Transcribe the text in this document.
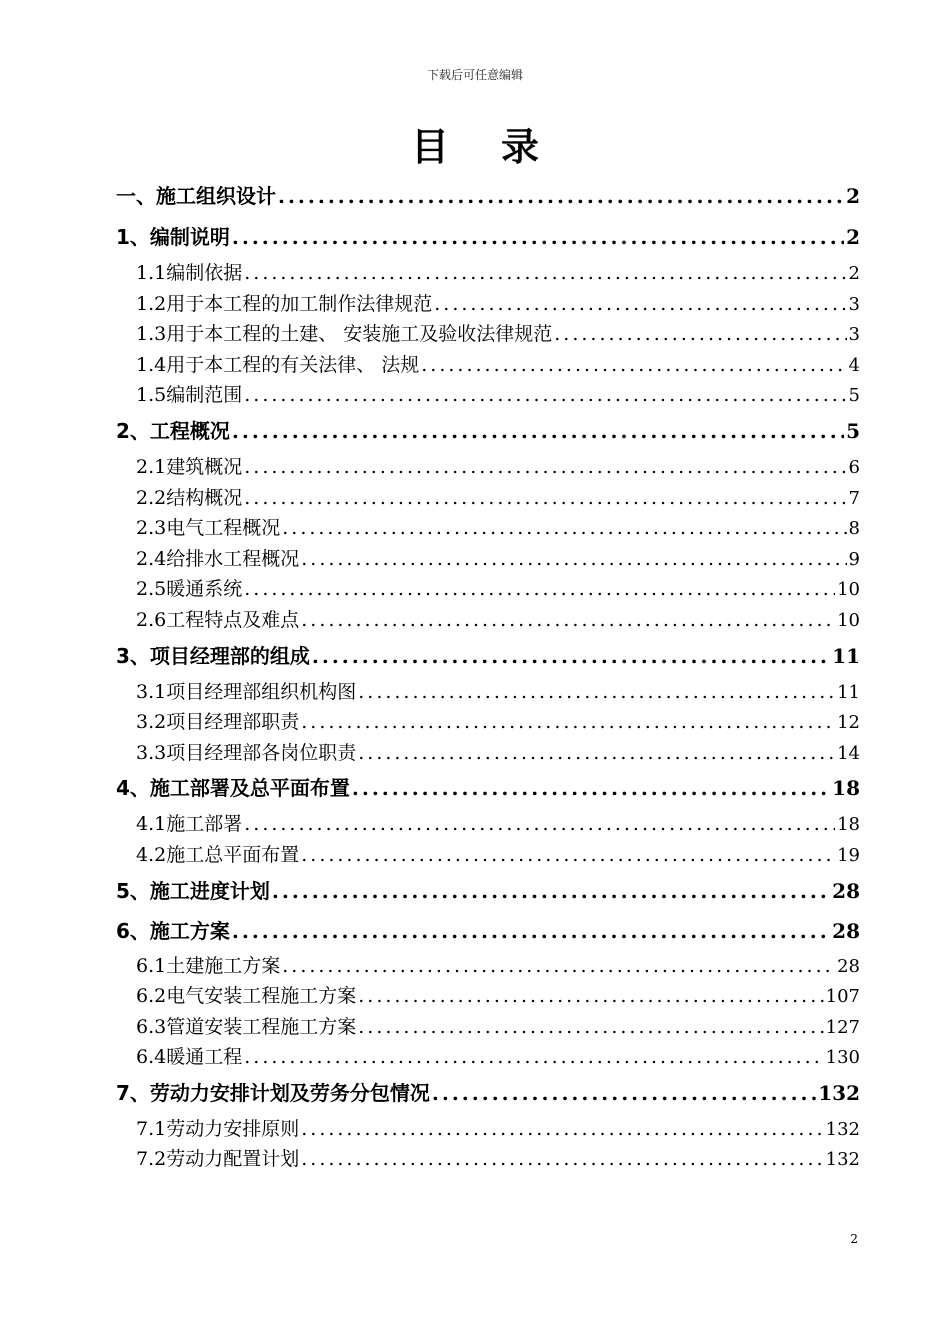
下载后可任意编辑
目录
一、 施工组织设计 .....	2
1、 编制说明 .....	2
1.1 编制依据 .....	2
1.2 用于本工程的加工制作法律规范 .....	3
1.3 用于本工程的土建、 安装施工及验收法律规范 .....	3
1.4 用于本工程的有关法律、 法规 .....	4
1.5 编制范围 .....	5
2、 工程概况 .....	5
2.1 建筑概况 .....	6
2.2 结构概况 .....	7
2.3 电气工程概况 .....	8
2.4 给排水工程概况 .....	9
2.5 暖通系统 .....	10
2.6 工程特点及难点 .....	10
3、 项目经理部的组成 .....	11
3.1 项目经理部组织机构图 .....	11
3.2 项目经理部职责 .....	12
3.3 项目经理部各岗位职责 .....	14
4、 施工部署及总平面布置 .....	18
4.1 施工部署 .....	18
4.2 施工总平面布置 .....	19
5、 施工进度计划 .....	28
6、 施工方案 .....	28
6.1 土建施工方案 .....	28
6.2 电气安装工程施工方案 .....	107
6.3 管道安装工程施工方案 .....	127
6.4 暖通工程 .....	130
7、 劳动力安排计划及劳务分包情况 .....	132
7.1 劳动力安排原则 .....	132
7.2 劳动力配置计划 .....	132
2
